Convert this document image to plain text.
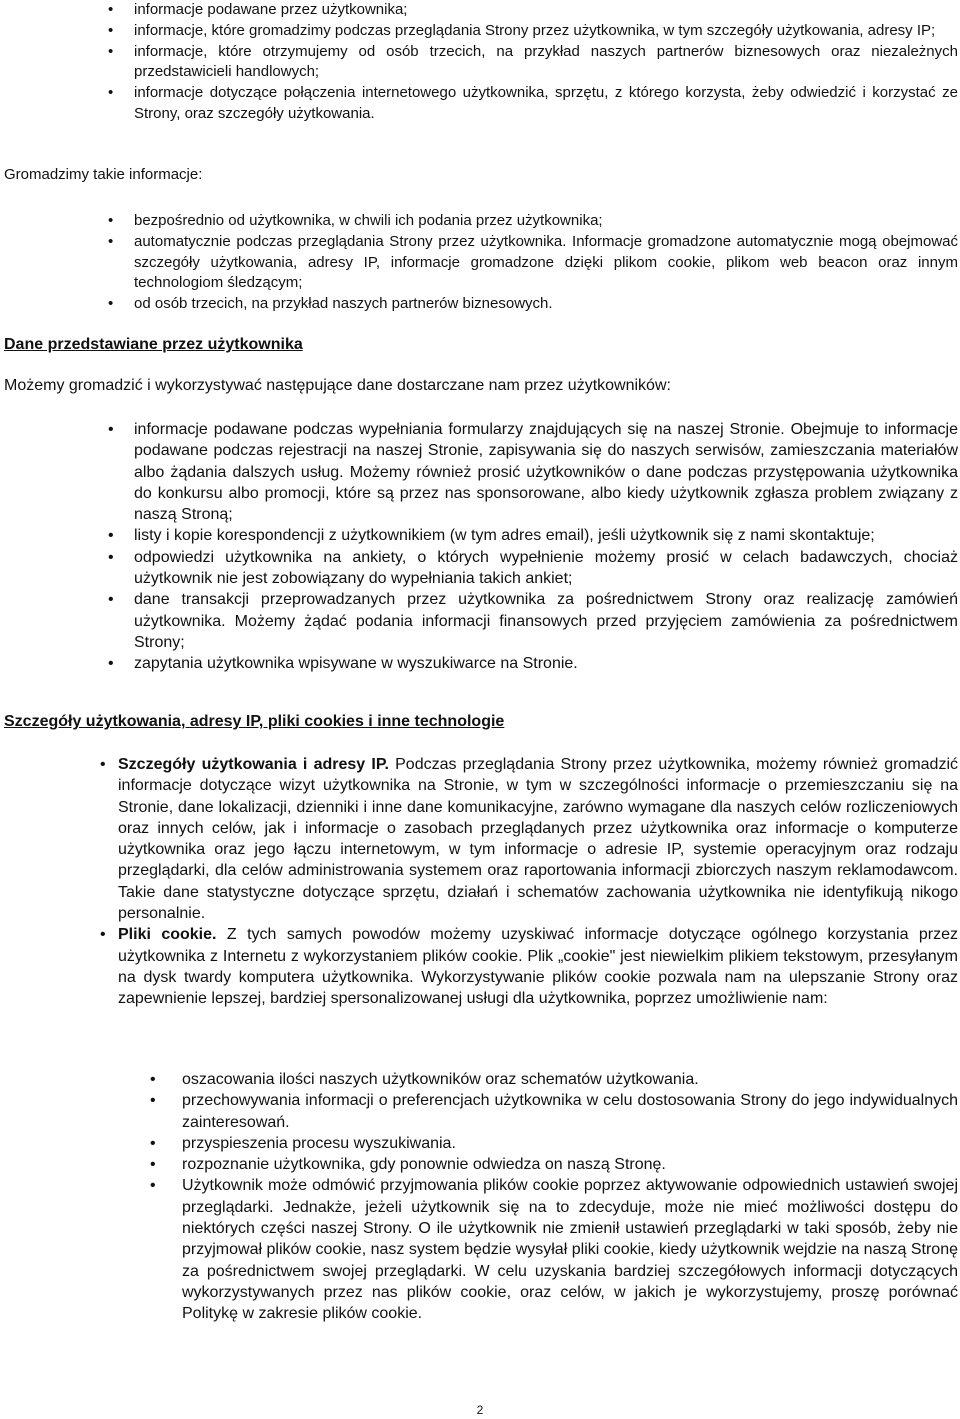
• informacje podawane przez użytkownika;
• informacje, które gromadzimy podczas przeglądania Strony przez użytkownika, w tym szczegóły użytkowania, adresy IP;
• informacje, które otrzymujemy od osób trzecich, na przykład naszych partnerów biznesowych oraz niezależnych przedstawicieli handlowych;
• informacje dotyczące połączenia internetowego użytkownika, sprzętu, z którego korzysta, żeby odwiedzić i korzystać ze Strony, oraz szczegóły użytkowania.

Gromadzimy takie informacje:

• bezpośrednio od użytkownika, w chwili ich podania przez użytkownika;
• automatycznie podczas przeglądania Strony przez użytkownika. Informacje gromadzone automatycznie mogą obejmować szczegóły użytkowania, adresy IP, informacje gromadzone dzięki plikom cookie, plikom web beacon oraz innym technologiom śledzącym;
• od osób trzecich, na przykład naszych partnerów biznesowych.

Dane przedstawiane przez użytkownika

Możemy gromadzić i wykorzystywać następujące dane dostarczane nam przez użytkowników:

• informacje podawane podczas wypełniania formularzy znajdujących się na naszej Stronie. Obejmuje to informacje podawane podczas rejestracji na naszej Stronie, zapisywania się do naszych serwisów, zamieszczania materiałów albo żądania dalszych usług. Możemy również prosić użytkowników o dane podczas przystępowania użytkownika do konkursu albo promocji, które są przez nas sponsorowane, albo kiedy użytkownik zgłasza problem związany z naszą Stroną;
• listy i kopie korespondencji z użytkownikiem (w tym adres email), jeśli użytkownik się z nami skontaktuje;
• odpowiedzi użytkownika na ankiety, o których wypełnienie możemy prosić w celach badawczych, chociaż użytkownik nie jest zobowiązany do wypełniania takich ankiet;
• dane transakcji przeprowadzanych przez użytkownika za pośrednictwem Strony oraz realizację zamówień użytkownika. Możemy żądać podania informacji finansowych przed przyjęciem zamówienia za pośrednictwem Strony;
• zapytania użytkownika wpisywane w wyszukiwarce na Stronie.

Szczegóły użytkowania, adresy IP, pliki cookies i inne technologie

• Szczegóły użytkowania i adresy IP. Podczas przeglądania Strony przez użytkownika, możemy również gromadzić informacje dotyczące wizyt użytkownika na Stronie, w tym w szczególności informacje o przemieszczaniu się na Stronie, dane lokalizacji, dzienniki i inne dane komunikacyjne, zarówno wymagane dla naszych celów rozliczeniowych oraz innych celów, jak i informacje o zasobach przeglądanych przez użytkownika oraz informacje o komputerze użytkownika oraz jego łączu internetowym, w tym informacje o adresie IP, systemie operacyjnym oraz rodzaju przeglądarki, dla celów administrowania systemem oraz raportowania informacji zbiorczych naszym reklamodawcom. Takie dane statystyczne dotyczące sprzętu, działań i schematów zachowania użytkownika nie identyfikują nikogo personalnie.
• Pliki cookie. Z tych samych powodów możemy uzyskiwać informacje dotyczące ogólnego korzystania przez użytkownika z Internetu z wykorzystaniem plików cookie. Plik „cookie" jest niewielkim plikiem tekstowym, przesyłanym na dysk twardy komputera użytkownika. Wykorzystywanie plików cookie pozwala nam na ulepszanie Strony oraz zapewnienie lepszej, bardziej spersonalizowanej usługi dla użytkownika, poprzez umożliwienie nam:
• oszacowania ilości naszych użytkowników oraz schematów użytkowania.
• przechowywania informacji o preferencjach użytkownika w celu dostosowania Strony do jego indywidualnych zainteresowań.
• przyspieszenia procesu wyszukiwania.
• rozpoznanie użytkownika, gdy ponownie odwiedza on naszą Stronę.
• Użytkownik może odmówić przyjmowania plików cookie poprzez aktywowanie odpowiednich ustawień swojej przeglądarki. Jednakże, jeżeli użytkownik się na to zdecyduje, może nie mieć możliwości dostępu do niektórych części naszej Strony. O ile użytkownik nie zmienił ustawień przeglądarki w taki sposób, żeby nie przyjmował plików cookie, nasz system będzie wysyłał pliki cookie, kiedy użytkownik wejdzie na naszą Stronę za pośrednictwem swojej przeglądarki. W celu uzyskania bardziej szczegółowych informacji dotyczących wykorzystywanych przez nas plików cookie, oraz celów, w jakich je wykorzystujemy, proszę porównać Politykę w zakresie plików cookie.
2
